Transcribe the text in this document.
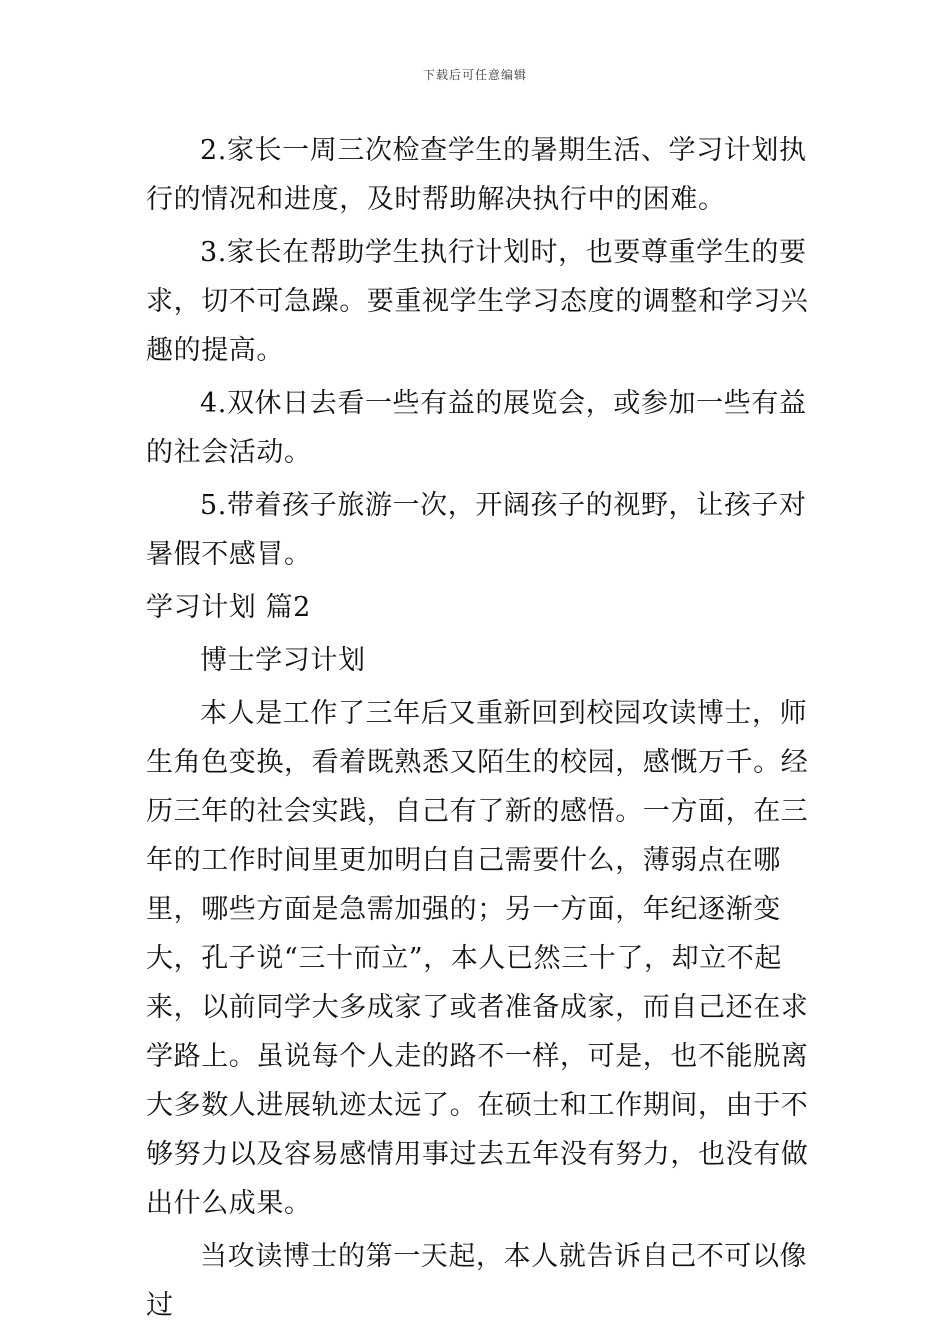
下载后可任意编辑

2.家长一周三次检查学生的暑期生活、学习计划执行的情况和进度，及时帮助解决执行中的困难。

3.家长在帮助学生执行计划时，也要尊重学生的要求，切不可急躁。要重视学生学习态度的调整和学习兴趣的提高。

4.双休日去看一些有益的展览会，或参加一些有益的社会活动。

5.带着孩子旅游一次，开阔孩子的视野，让孩子对暑假不感冒。

学习计划 篇2

博士学习计划

本人是工作了三年后又重新回到校园攻读博士，师生角色变换，看着既熟悉又陌生的校园，感慨万千。经历三年的社会实践，自己有了新的感悟。一方面，在三年的工作时间里更加明白自己需要什么，薄弱点在哪里，哪些方面是急需加强的；另一方面，年纪逐渐变大，孔子说“三十而立”，本人已然三十了，却立不起来，以前同学大多成家了或者准备成家，而自己还在求学路上。虽说每个人走的路不一样，可是，也不能脱离大多数人进展轨迹太远了。在硕士和工作期间，由于不够努力以及容易感情用事过去五年没有努力，也没有做出什么成果。

当攻读博士的第一天起，本人就告诉自己不可以像过
